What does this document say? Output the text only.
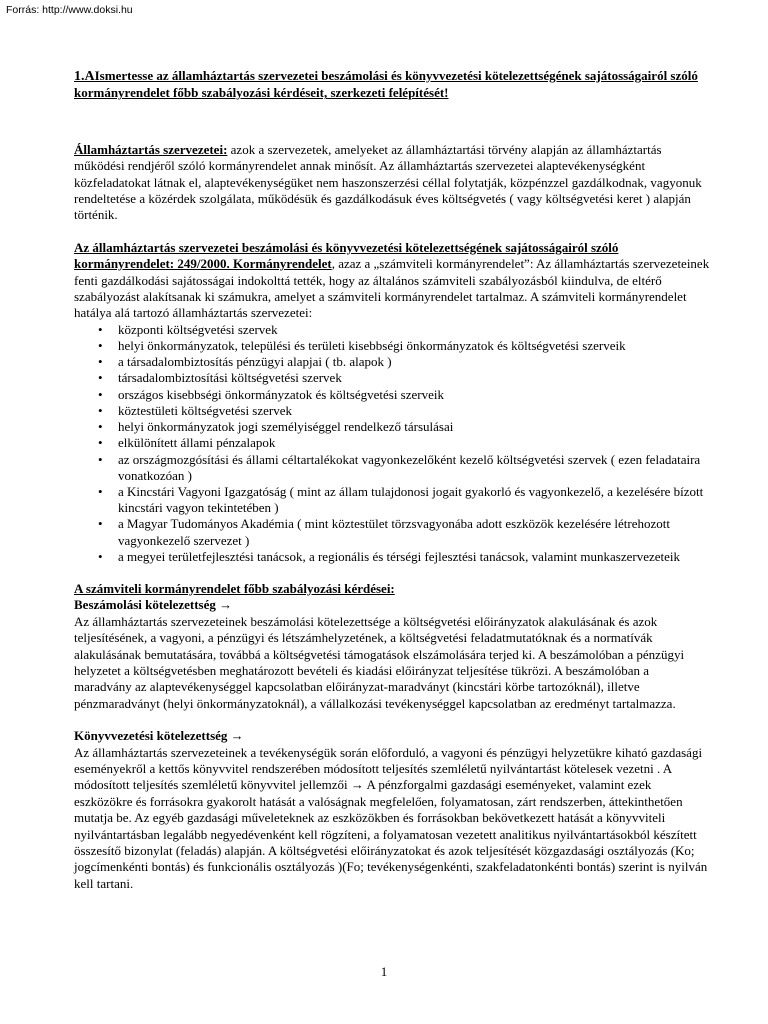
Forrás: http://www.doksi.hu

1.AIsmertesse az államháztartás szervezetei beszámolási és könyvvezetési kötelezettségének sajátosságairól szóló kormányrendelet főbb szabályozási kérdéseit, szerkezeti felépítését!

Államháztartás szervezetei: azok a szervezetek, amelyeket az államháztartási törvény alapján az államháztartás működési rendjéről szóló kormányrendelet annak minősít. Az államháztartás szervezetei alaptevékenységként közfeladatokat látnak el, alaptevékenységüket nem haszonszerzési céllal folytatják, közpénzzel gazdálkodnak, vagyonuk rendeltetése a közérdek szolgálata, működésük és gazdálkodásuk éves költségvetés ( vagy költségvetési keret ) alapján történik.

Az államháztartás szervezetei beszámolási és könyvvezetési kötelezettségének sajátosságairól szóló kormányrendelet: 249/2000. Kormányrendelet, azaz a „számviteli kormányrendelet”: Az államháztartás szervezeteinek fenti gazdálkodási sajátosságai indokolttá tették, hogy az általános számviteli szabályozásból kiindulva, de eltérő szabályozást alakítsanak ki számukra, amelyet a számviteli kormányrendelet tartalmaz. A számviteli kormányrendelet hatálya alá tartozó államháztartás szervezetei:

• központi költségvetési szervek
• helyi önkormányzatok, települési és területi kisebbségi önkormányzatok és költségvetési szerveik
• a társadalombiztosítás pénzügyi alapjai ( tb. alapok )
• társadalombiztosítási költségvetési szervek
• országos kisebbségi önkormányzatok és költségvetési szerveik
• köztestületi költségvetési szervek
• helyi önkormányzatok jogi személyiséggel rendelkező társulásai
• elkülönített állami pénzalapok
• az országmozgósítási és állami céltartalékokat vagyonkezelőként kezelő költségvetési szervek ( ezen feladataira vonatkozóan )
• a Kincstári Vagyoni Igazgatóság ( mint az állam tulajdonosi jogait gyakorló és vagyonkezelő, a kezelésére bízott kincstári vagyon tekintetében )
• a Magyar Tudományos Akadémia ( mint köztestület törzsvagyonába adott eszközök kezelésére létrehozott vagyonkezelő szervezet )
• a megyei területfejlesztési tanácsok, a regionális és térségi fejlesztési tanácsok, valamint munkaszervezeteik

A számviteli kormányrendelet főbb szabályozási kérdései:

Beszámolási kötelezettség →

Az államháztartás szervezeteinek beszámolási kötelezettsége a költségvetési előirányzatok alakulásának és azok teljesítésének, a vagyoni, a pénzügyi és létszámhelyzetének, a költségvetési feladatmutatóknak és a normatívák alakulásának bemutatására, továbbá a költségvetési támogatások elszámolására terjed ki. A beszámolóban a pénzügyi helyzetet a költségvetésben meghatározott bevételi és kiadási előirányzat teljesítése tükrözi. A beszámolóban a maradvány az alaptevékenységgel kapcsolatban előirányzat-maradványt (kincstári körbe tartozóknál), illetve pénzmaradványt (helyi önkormányzatoknál), a vállalkozási tevékenységgel kapcsolatban az eredményt tartalmazza.

Könyvvezetési kötelezettség →

Az államháztartás szervezeteinek a tevékenységük során előforduló, a vagyoni és pénzügyi helyzetükre kiható gazdasági eseményekről a kettős könyvvitel rendszerében módosított teljesítés szemléletű nyilvántartást kötelesek vezetni . A módosított teljesítés szemléletű könyvvitel jellemzői → A pénzforgalmi gazdasági eseményeket, valamint ezek eszközökre és forrásokra gyakorolt hatását a valóságnak megfelelően, folyamatosan, zárt rendszerben, áttekinthetően mutatja be. Az egyéb gazdasági műveleteknek az eszközökben és forrásokban bekövetkezett hatását a könyvviteli nyilvántartásban legalább negyedévenként kell rögzíteni, a folyamatosan vezetett analitikus nyilvántartásokból készített összesítő bizonylat (feladás) alapján. A költségvetési előirányzatokat és azok teljesítését közgazdasági osztályozás (Ko; jogcímenkénti bontás) és funkcionális osztályozás )(Fo; tevékenységenkénti, szakfeladatonkénti bontás) szerint is nyilván kell tartani.

1
